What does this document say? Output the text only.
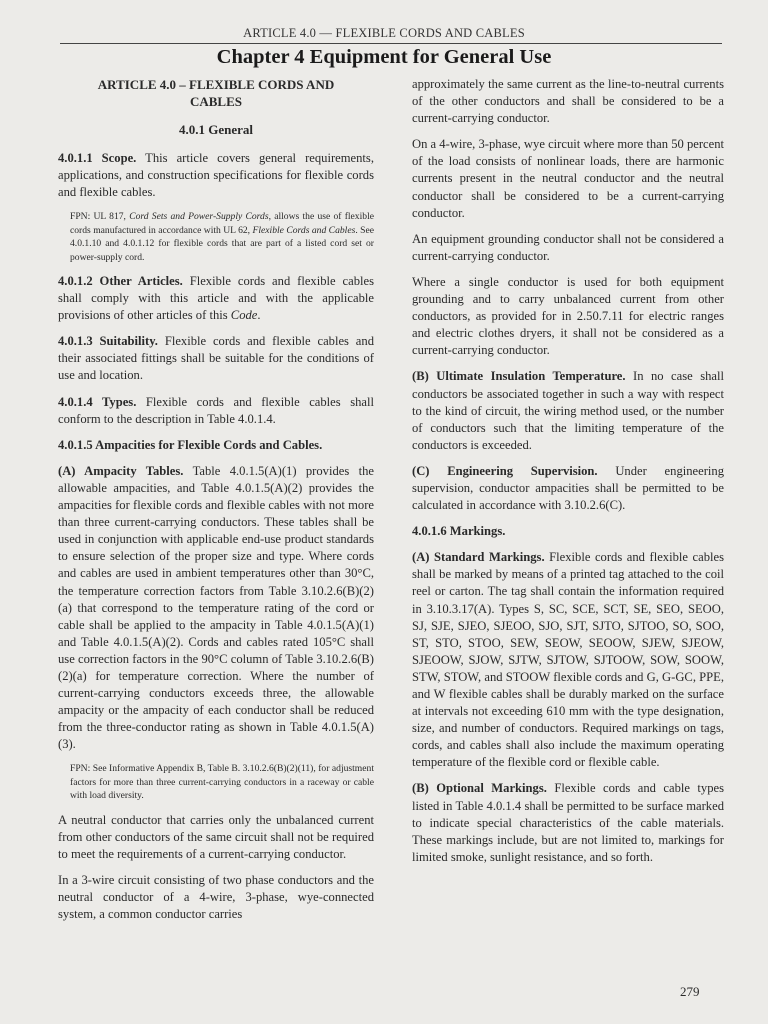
ARTICLE 4.0 — FLEXIBLE CORDS AND CABLES
Chapter 4 Equipment for General Use
ARTICLE 4.0 – FLEXIBLE CORDS AND CABLES
4.0.1 General

4.0.1.1 Scope. This article covers general requirements, applications, and construction specifications for flexible cords and flexible cables.

FPN: UL 817, Cord Sets and Power-Supply Cords, allows the use of flexible cords manufactured in accordance with UL 62, Flexible Cords and Cables. See 4.0.1.10 and 4.0.1.12 for flexible cords that are part of a listed cord set or power-supply cord.

4.0.1.2 Other Articles. Flexible cords and flexible cables shall comply with this article and with the applicable provisions of other articles of this Code.

4.0.1.3 Suitability. Flexible cords and flexible cables and their associated fittings shall be suitable for the conditions of use and location.

4.0.1.4 Types. Flexible cords and flexible cables shall conform to the description in Table 4.0.1.4.

4.0.1.5 Ampacities for Flexible Cords and Cables.

(A) Ampacity Tables. Table 4.0.1.5(A)(1) provides the allowable ampacities, and Table 4.0.1.5(A)(2) provides the ampacities for flexible cords and flexible cables with not more than three current-carrying conductors. These tables shall be used in conjunction with applicable end-use product standards to ensure selection of the proper size and type. Where cords and cables are used in ambient temperatures other than 30°C, the temperature correction factors from Table 3.10.2.6(B)(2)(a) that correspond to the temperature rating of the cord or cable shall be applied to the ampacity in Table 4.0.1.5(A)(1) and Table 4.0.1.5(A)(2). Cords and cables rated 105°C shall use correction factors in the 90°C column of Table 3.10.2.6(B)(2)(a) for temperature correction. Where the number of current-carrying conductors exceeds three, the allowable ampacity or the ampacity of each conductor shall be reduced from the three-conductor rating as shown in Table 4.0.1.5(A)(3).

FPN: See Informative Appendix B, Table B. 3.10.2.6(B)(2)(11), for adjustment factors for more than three current-carrying conductors in a raceway or cable with load diversity.

A neutral conductor that carries only the unbalanced current from other conductors of the same circuit shall not be required to meet the requirements of a current-carrying conductor.

In a 3-wire circuit consisting of two phase conductors and the neutral conductor of a 4-wire, 3-phase, wye-connected system, a common conductor carries

approximately the same current as the line-to-neutral currents of the other conductors and shall be considered to be a current-carrying conductor.

On a 4-wire, 3-phase, wye circuit where more than 50 percent of the load consists of nonlinear loads, there are harmonic currents present in the neutral conductor and the neutral conductor shall be considered to be a current-carrying conductor.

An equipment grounding conductor shall not be considered a current-carrying conductor.

Where a single conductor is used for both equipment grounding and to carry unbalanced current from other conductors, as provided for in 2.50.7.11 for electric ranges and electric clothes dryers, it shall not be considered as a current-carrying conductor.

(B) Ultimate Insulation Temperature. In no case shall conductors be associated together in such a way with respect to the kind of circuit, the wiring method used, or the number of conductors such that the limiting temperature of the conductors is exceeded.

(C) Engineering Supervision. Under engineering supervision, conductor ampacities shall be permitted to be calculated in accordance with 3.10.2.6(C).

4.0.1.6 Markings.

(A) Standard Markings. Flexible cords and flexible cables shall be marked by means of a printed tag attached to the coil reel or carton. The tag shall contain the information required in 3.10.3.17(A). Types S, SC, SCE, SCT, SE, SEO, SEOO, SJ, SJE, SJEO, SJEOO, SJO, SJT, SJTO, SJTOO, SO, SOO, ST, STO, STOO, SEW, SEOW, SEOOW, SJEW, SJEOW, SJEOOW, SJOW, SJTW, SJTOW, SJTOOW, SOW, SOOW, STW, STOW, and STOOW flexible cords and G, G-GC, PPE, and W flexible cables shall be durably marked on the surface at intervals not exceeding 610 mm with the type designation, size, and number of conductors. Required markings on tags, cords, and cables shall also include the maximum operating temperature of the flexible cord or flexible cable.

(B) Optional Markings. Flexible cords and cable types listed in Table 4.0.1.4 shall be permitted to be surface marked to indicate special characteristics of the cable materials. These markings include, but are not limited to, markings for limited smoke, sunlight resistance, and so forth.

279
